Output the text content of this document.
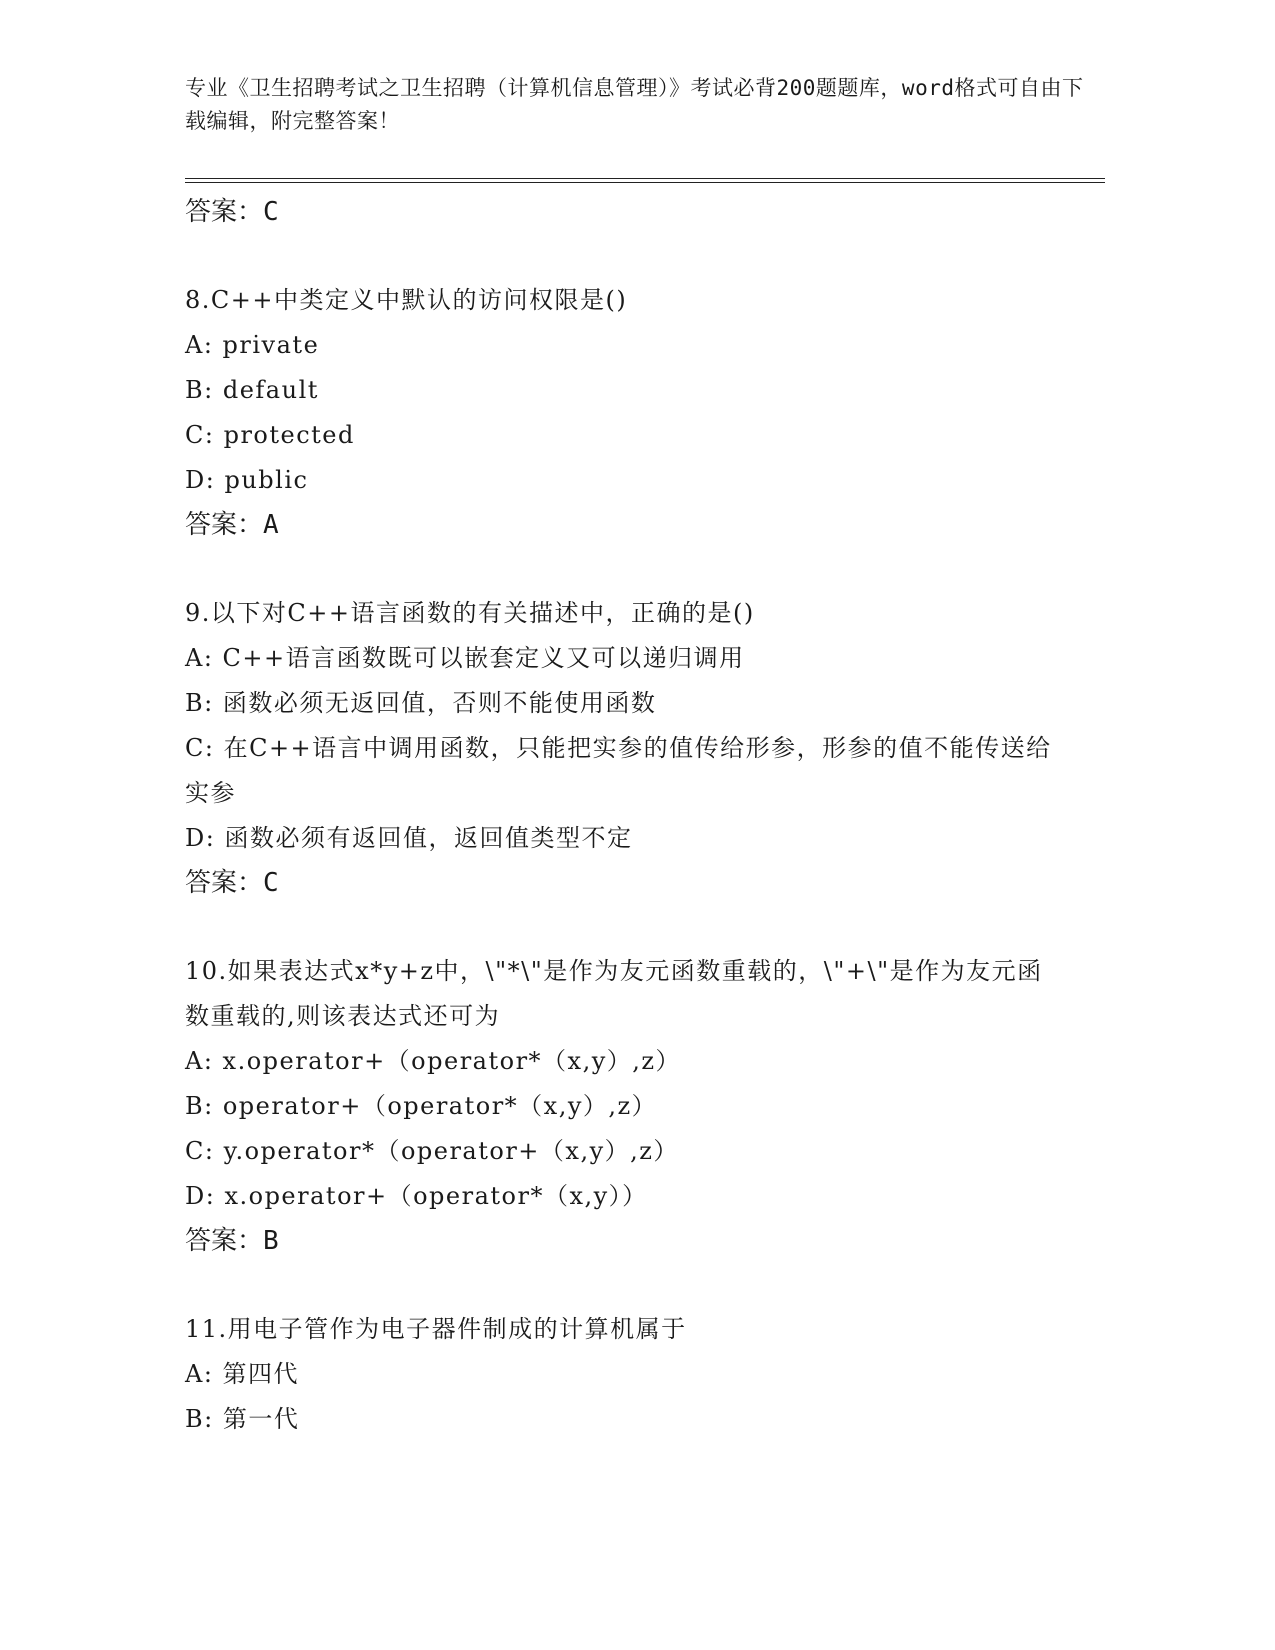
专业《卫生招聘考试之卫生招聘（计算机信息管理）》考试必背200题题库，word格式可自由下载编辑，附完整答案！
答案：C
8.C++中类定义中默认的访问权限是()
A: private
B: default
C: protected
D: public
答案：A
9.以下对C++语言函数的有关描述中，正确的是()
A: C++语言函数既可以嵌套定义又可以递归调用
B: 函数必须无返回值，否则不能使用函数
C: 在C++语言中调用函数，只能把实参的值传给形参，形参的值不能传送给实参
D: 函数必须有返回值，返回值类型不定
答案：C
10.如果表达式x*y+z中，\"*\"是作为友元函数重载的，\"+\"是作为友元函数重载的,则该表达式还可为
A: x.operator+（operator*（x,y）,z）
B: operator+（operator*（x,y）,z）
C: y.operator*（operator+（x,y）,z）
D: x.operator+（operator*（x,y））
答案：B
11.用电子管作为电子器件制成的计算机属于
A: 第四代
B: 第一代
